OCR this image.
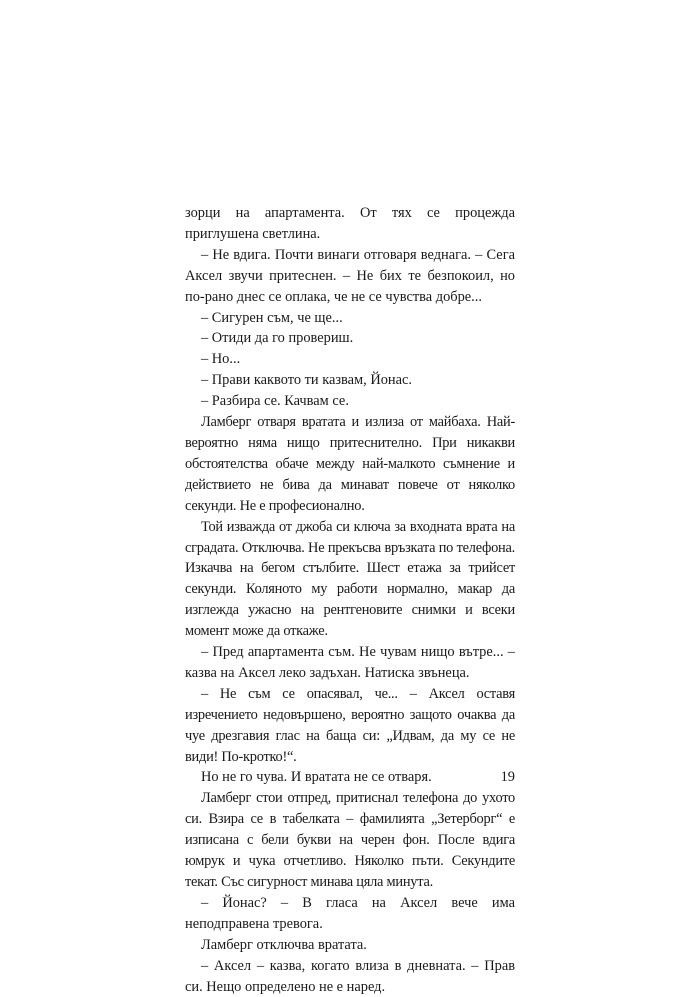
зорци на апартамента. От тях се процежда приглушена светлина.

– Не вдига. Почти винаги отговаря веднага. – Сега Аксел звучи притеснен. – Не бих те безпокоил, но по-рано днес се оплака, че не се чувства добре...

– Сигурен съм, че ще...

– Отиди да го провериш.

– Но...

– Прави каквото ти казвам, Йонас.

– Разбира се. Качвам се.

Ламберг отваря вратата и излиза от майбаха. Най-вероятно няма нищо притеснително. При никакви обстоятелства обаче между най-малкото съмнение и действието не бива да минават повече от няколко секунди. Не е професионално.

Той изважда от джоба си ключа за входната врата на сградата. Отключва. Не прекъсва връзката по телефона. Изкачва на бегом стълбите. Шест етажа за трийсет секунди. Коляното му работи нормално, макар да изглежда ужасно на рентгеновите снимки и всеки момент може да откаже.

– Пред апартамента съм. Не чувам нищо вътре... – казва на Аксел леко задъхан. Натиска звънеца.

– Не съм се опасявал, че... – Аксел оставя изречението недовършено, вероятно защото очаква да чуе дрезгавия глас на баща си: „Идвам, да му се не види! По-кротко!“.

Но не го чува. И вратата не се отваря.

Ламберг стои отпред, притиснал телефона до ухото си. Взира се в табелката – фамилията „Зетерборг“ е изписана с бели букви на черен фон. После вдига юмрук и чука отчетливо. Няколко пъти. Секундите текат. Със сигурност минава цяла минута.

– Йонас? – В гласа на Аксел вече има неподправена тревога.

Ламберг отключва вратата.

– Аксел – казва, когато влиза в дневната. – Прав си. Нещо определено не е наред.

19
